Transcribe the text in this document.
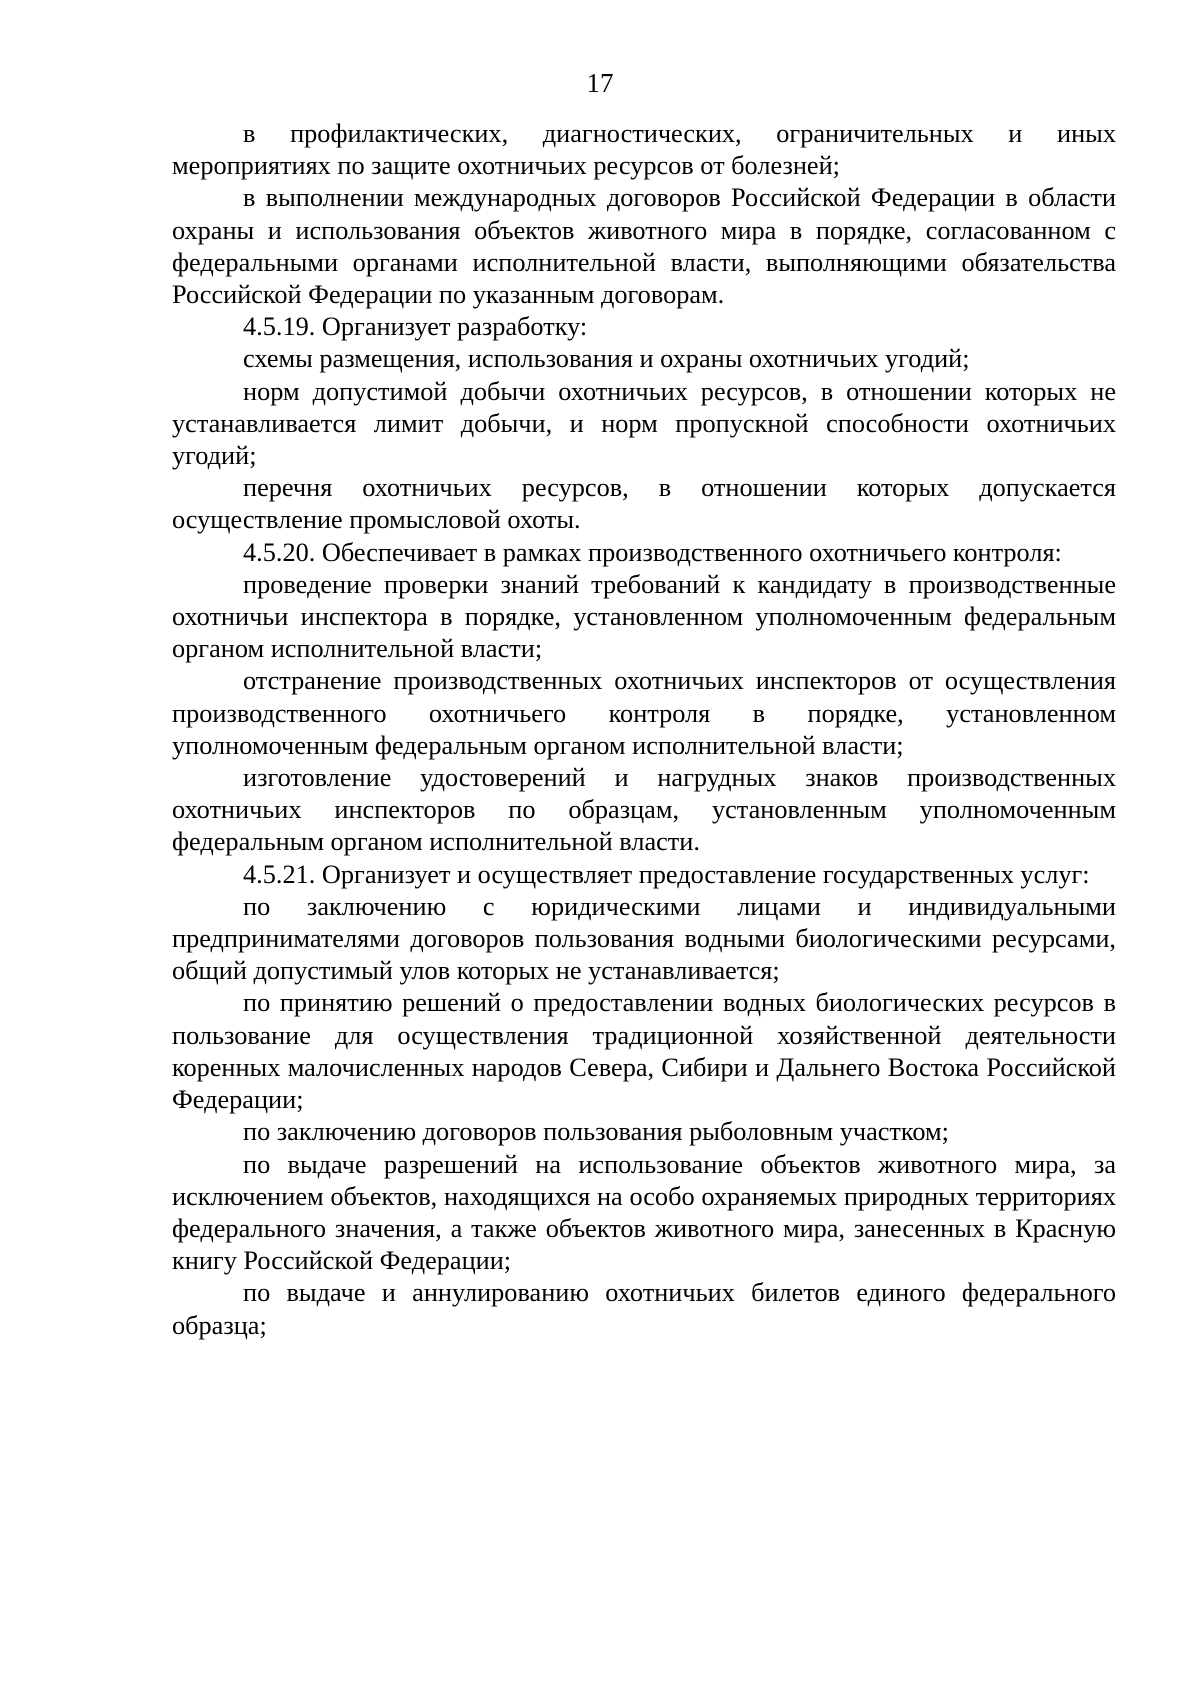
17

в профилактических, диагностических, ограничительных и иных мероприятиях по защите охотничьих ресурсов от болезней;

в выполнении международных договоров Российской Федерации в области охраны и использования объектов животного мира в порядке, согласованном с федеральными органами исполнительной власти, выполняющими обязательства Российской Федерации по указанным договорам.

4.5.19. Организует разработку:

схемы размещения, использования и охраны охотничьих угодий;

норм допустимой добычи охотничьих ресурсов, в отношении которых не устанавливается лимит добычи, и норм пропускной способности охотничьих угодий;

перечня охотничьих ресурсов, в отношении которых допускается осуществление промысловой охоты.

4.5.20. Обеспечивает в рамках производственного охотничьего контроля:

проведение проверки знаний требований к кандидату в производственные охотничьи инспектора в порядке, установленном уполномоченным федеральным органом исполнительной власти;

отстранение производственных охотничьих инспекторов от осуществления производственного охотничьего контроля в порядке, установленном уполномоченным федеральным органом исполнительной власти;

изготовление удостоверений и нагрудных знаков производственных охотничьих инспекторов по образцам, установленным уполномоченным федеральным органом исполнительной власти.

4.5.21. Организует и осуществляет предоставление государственных услуг:

по заключению с юридическими лицами и индивидуальными предпринимателями договоров пользования водными биологическими ресурсами, общий допустимый улов которых не устанавливается;

по принятию решений о предоставлении водных биологических ресурсов в пользование для осуществления традиционной хозяйственной деятельности коренных малочисленных народов Севера, Сибири и Дальнего Востока Российской Федерации;

по заключению договоров пользования рыболовным участком;

по выдаче разрешений на использование объектов животного мира, за исключением объектов, находящихся на особо охраняемых природных территориях федерального значения, а также объектов животного мира, занесенных в Красную книгу Российской Федерации;

по выдаче и аннулированию охотничьих билетов единого федерального образца;
